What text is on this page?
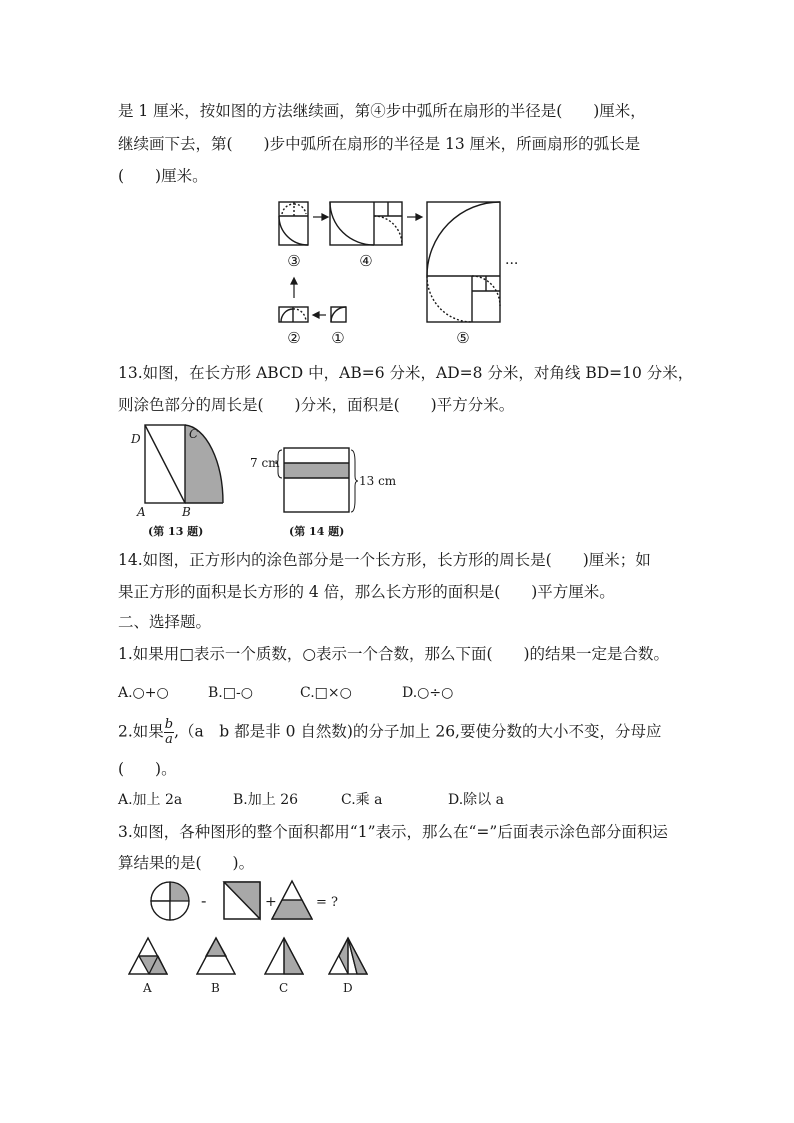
是 1 厘米，按如图的方法继续画，第④步中弧所在扇形的半径是(　　)厘米，
继续画下去，第(　　)步中弧所在扇形的半径是 13 厘米，所画扇形的弧长是
(　　)厘米。
③	④
⑤
② ①
...
13.如图，在长方形 ABCD 中，AB=6 分米，AD=8 分米，对角线 BD=10 分米，
则涂色部分的周长是(　　)分米，面积是(　　)平方分米。
D	C
A	B
(第 13 题)
7 cm
13 cm
(第 14 题)
14.如图，正方形内的涂色部分是一个长方形，长方形的周长是(　　)厘米；如
果正方形的面积是长方形的 4 倍，那么长方形的面积是(　　)平方厘米。
二、选择题。
1.如果用□表示一个质数，○表示一个合数，那么下面(　　)的结果一定是合数。
A.○+○	B.□-○	C.□×○	D.○÷○
2.如果 $\frac{b}{a} ,(a$　b 都是非 0 自然数)的分子加上 26,要使分数的大小不变，分母应
(　　)。
A.加上 2a	B.加上 26	C.乘 a	D.除以 a
3.如图，各种图形的整个面积都用“1”表示，那么在“=”后面表示涂色部分面积运
算结果的是(　　)。
-	+	= ?
A	B	C	D
